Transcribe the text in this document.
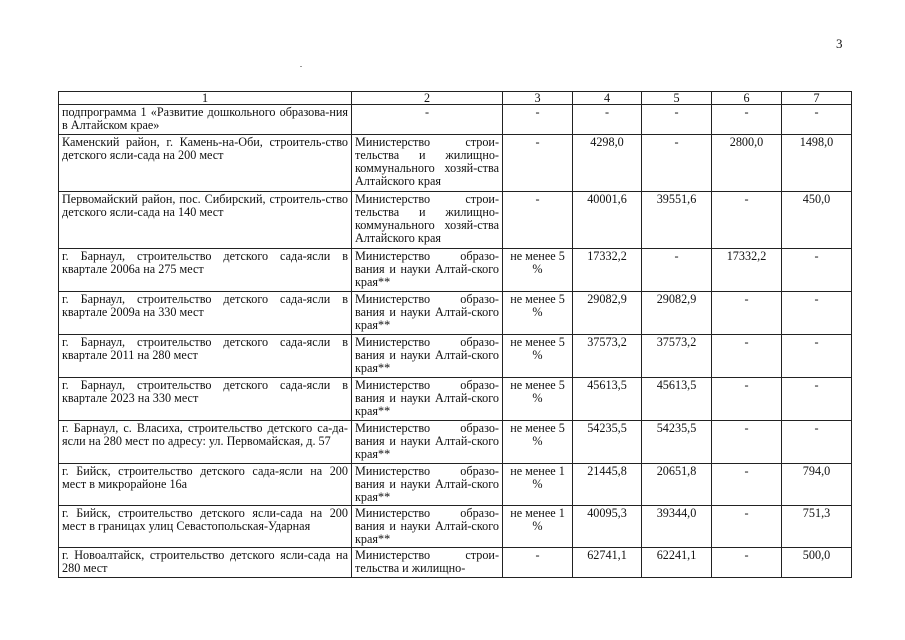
3
1	2	3	4	5	6	7
подпрограмма 1 «Развитие дошкольного образова-ния в Алтайском крае»	-	-	-	-	-	-
Каменский район, г. Камень-на-Оби, строитель-ство детского ясли-сада на 200 мест	Министерство строи-тельства и жилищно-коммунального хозяй-ства Алтайского края	-	4298,0	-	2800,0	1498,0
Первомайский район, пос. Сибирский, строитель-ство детского ясли-сада на 140 мест	Министерство строи-тельства и жилищно-коммунального хозяй-ства Алтайского края	-	40001,6	39551,6	-	450,0
г. Барнаул, строительство детского сада-ясли в квартале 2006а на 275 мест	Министерство образо-вания и науки Алтай-ского края**	не менее 5 %	17332,2	-	17332,2	-
г. Барнаул, строительство детского сада-ясли в квартале 2009а на 330 мест	Министерство образо-вания и науки Алтай-ского края**	не менее 5 %	29082,9	29082,9	-	-
г. Барнаул, строительство детского сада-ясли в квартале 2011 на 280 мест	Министерство образо-вания и науки Алтай-ского края**	не менее 5 %	37573,2	37573,2	-	-
г. Барнаул, строительство детского сада-ясли в квартале 2023 на 330 мест	Министерство образо-вания и науки Алтай-ского края**	не менее 5 %	45613,5	45613,5	-	-
г. Барнаул, с. Власиха, строительство детского са-да-ясли на 280 мест по адресу: ул. Первомайская, д. 57	Министерство образо-вания и науки Алтай-ского края**	не менее 5 %	54235,5	54235,5	-	-
г. Бийск, строительство детского сада-ясли на 200 мест в микрорайоне 16а	Министерство образо-вания и науки Алтай-ского края**	не менее 1 %	21445,8	20651,8	-	794,0
г. Бийск, строительство детского ясли-сада на 200 мест в границах улиц Севастопольская-Ударная	Министерство образо-вания и науки Алтай-ского края**	не менее 1 %	40095,3	39344,0	-	751,3
г. Новоалтайск, строительство детского ясли-сада на 280 мест	Министерство строи-тельства и жилищно-	-	62741,1	62241,1	-	500,0
